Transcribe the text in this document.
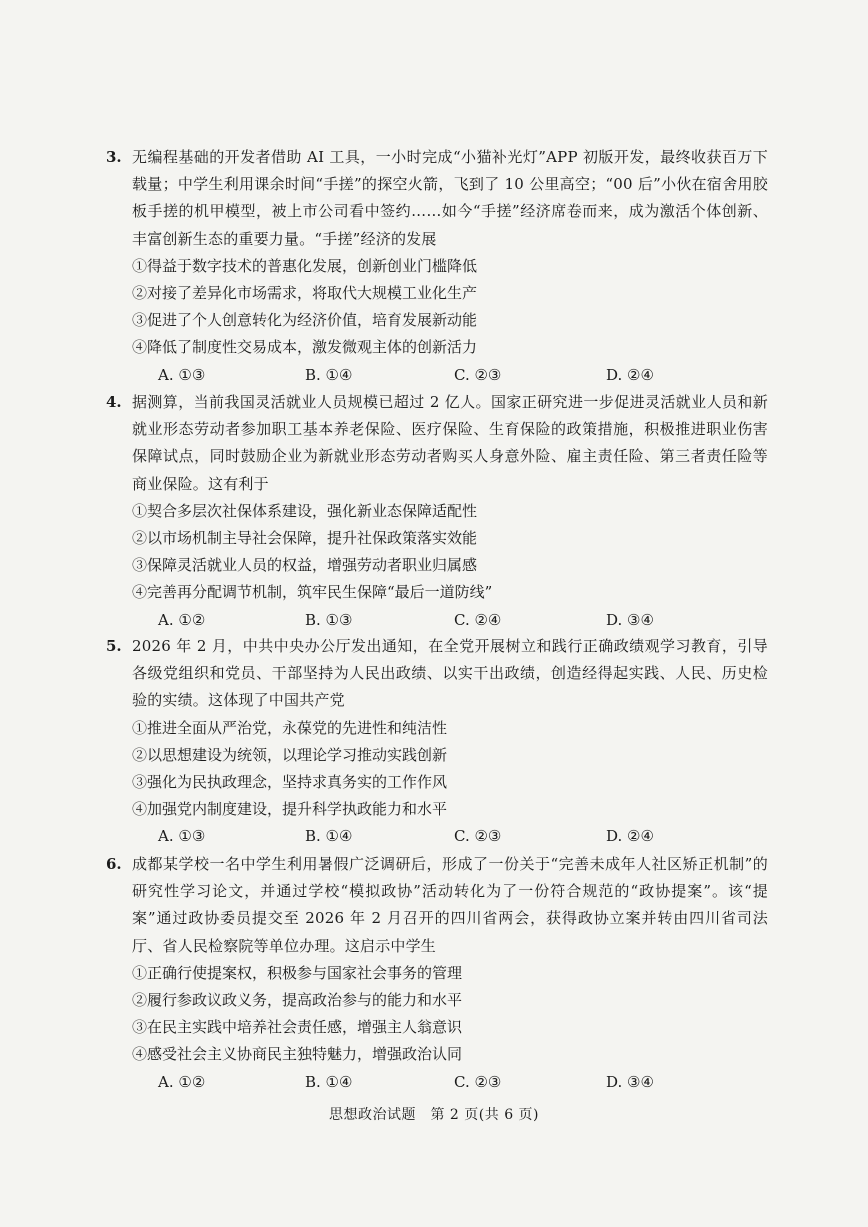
3. 无编程基础的开发者借助 AI 工具，一小时完成“小猫补光灯”APP 初版开发，最终收获百万下载量；中学生利用课余时间“手搓”的探空火箭，飞到了 10 公里高空；“00 后”小伙在宿舍用胶板手搓的机甲模型，被上市公司看中签约……如今“手搓”经济席卷而来，成为激活个体创新、丰富创新生态的重要力量。“手搓”经济的发展
①得益于数字技术的普惠化发展，创新创业门槛降低
②对接了差异化市场需求，将取代大规模工业化生产
③促进了个人创意转化为经济价值，培育发展新动能
④降低了制度性交易成本，激发微观主体的创新活力
A. ①③	B. ①④	C. ②③	D. ②④
4. 据测算，当前我国灵活就业人员规模已超过 2 亿人。国家正研究进一步促进灵活就业人员和新就业形态劳动者参加职工基本养老保险、医疗保险、生育保险的政策措施，积极推进职业伤害保障试点，同时鼓励企业为新就业形态劳动者购买人身意外险、雇主责任险、第三者责任险等商业保险。这有利于
①契合多层次社保体系建设，强化新业态保障适配性
②以市场机制主导社会保障，提升社保政策落实效能
③保障灵活就业人员的权益，增强劳动者职业归属感
④完善再分配调节机制，筑牢民生保障“最后一道防线”
A. ①②	B. ①③	C. ②④	D. ③④
5. 2026 年 2 月，中共中央办公厅发出通知，在全党开展树立和践行正确政绩观学习教育，引导各级党组织和党员、干部坚持为人民出政绩、以实干出政绩，创造经得起实践、人民、历史检验的实绩。这体现了中国共产党
①推进全面从严治党，永葆党的先进性和纯洁性
②以思想建设为统领，以理论学习推动实践创新
③强化为民执政理念，坚持求真务实的工作作风
④加强党内制度建设，提升科学执政能力和水平
A. ①③	B. ①④	C. ②③	D. ②④
6. 成都某学校一名中学生利用暑假广泛调研后，形成了一份关于“完善未成年人社区矫正机制”的研究性学习论文，并通过学校“模拟政协”活动转化为了一份符合规范的“政协提案”。该“提案”通过政协委员提交至 2026 年 2 月召开的四川省两会，获得政协立案并转由四川省司法厅、省人民检察院等单位办理。这启示中学生
①正确行使提案权，积极参与国家社会事务的管理
②履行参政议政义务，提高政治参与的能力和水平
③在民主实践中培养社会责任感，增强主人翁意识
④感受社会主义协商民主独特魅力，增强政治认同
A. ①②	B. ①④	C. ②③	D. ③④
思想政治试题　第 2 页(共 6 页)
